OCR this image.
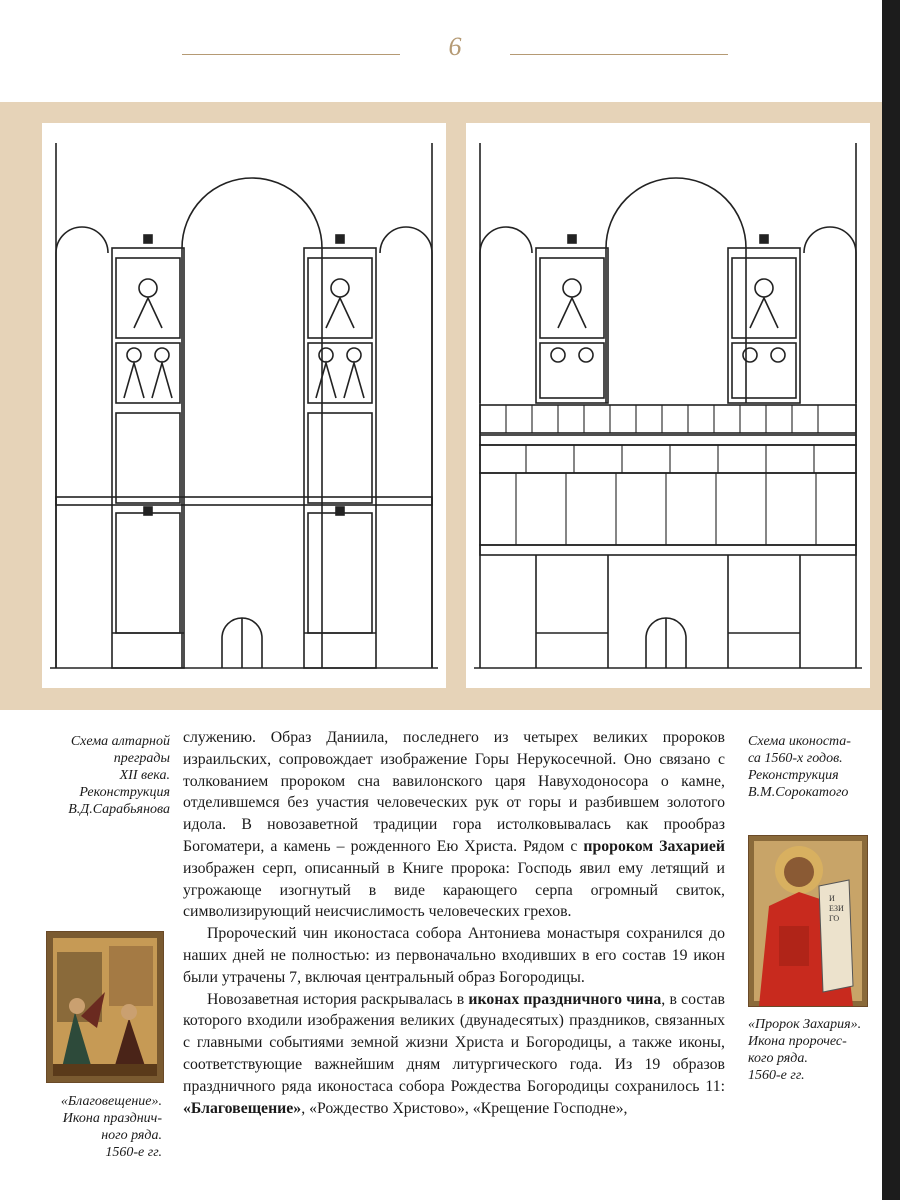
6
Схема алтарной
преграды
XII века.
Реконструкция
В.Д.Сарабьянова
Схема иконоста-
са 1560-х годов.
Реконструкция
В.М.Сорокатого
«Благовещение».
Икона празднич-
ного ряда.
1560-е гг.
И
ЕЗИ
ГО
«Пророк Захария».
Икона пророчес-
кого ряда.
1560-е гг.

служению. Образ Даниила, последнего из четырех великих пророков израильских, сопровождает изображение Горы Нерукосечной. Оно связано с толкованием пророком сна вавилонского царя Навуходоносора о камне, отделившемся без участия человеческих рук от горы и разбившем золотого идола. В новозаветной традиции гора истолковывалась как прообраз Богоматери, а камень – рожденного Ею Христа. Рядом с пророком Захарией изображен серп, описанный в Книге пророка: Господь явил ему летящий и угрожающе изогнутый в виде карающего серпа огромный свиток, символизирующий неисчислимость человеческих грехов.

Пророческий чин иконостаса собора Антониева монастыря сохранился до наших дней не полностью: из первоначально входивших в его состав 19 икон были утрачены 7, включая центральный образ Богородицы.

Новозаветная история раскрывалась в иконах праздничного чина, в состав которого входили изображения великих (двунадесятых) праздников, связанных с главными событиями земной жизни Христа и Богородицы, а также иконы, соответствующие важнейшим дням литургического года. Из 19 образов праздничного ряда иконостаса собора Рождества Богородицы сохранилось 11: «Благовещение», «Рождество Христово», «Крещение Господне»,
